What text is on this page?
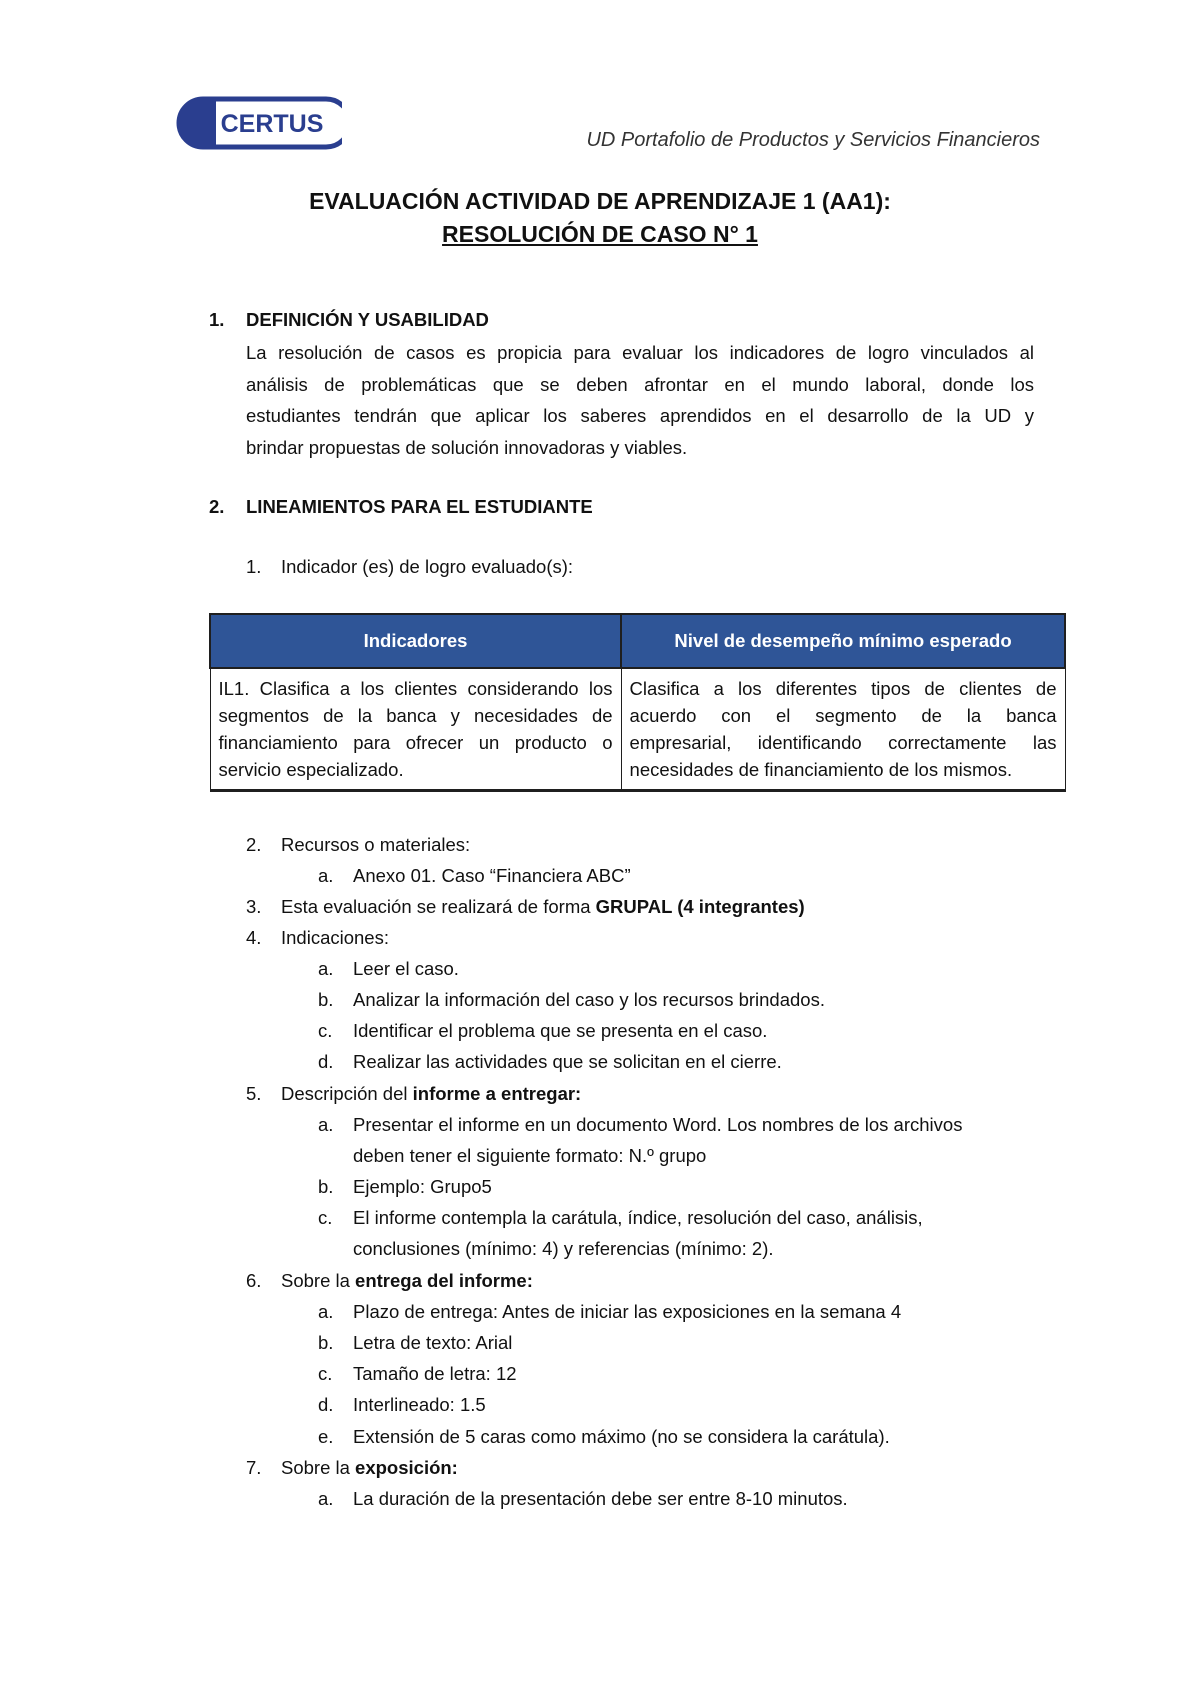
CERTUS
UD Portafolio de Productos y Servicios Financieros
EVALUACIÓN ACTIVIDAD DE APRENDIZAJE 1 (AA1):
RESOLUCIÓN DE CASO N° 1
1. DEFINICIÓN Y USABILIDAD
La resolución de casos es propicia para evaluar los indicadores de logro vinculados al
análisis de problemáticas que se deben afrontar en el mundo laboral, donde los
estudiantes tendrán que aplicar los saberes aprendidos en el desarrollo de la UD y
brindar propuestas de solución innovadoras y viables.
2. LINEAMIENTOS PARA EL ESTUDIANTE
1. Indicador (es) de logro evaluado(s):
Indicadores	Nivel de desempeño mínimo esperado

IL1. Clasifica a los clientes considerando los
segmentos de la banca y necesidades de
financiamiento para ofrecer un producto o
servicio especializado.	Clasifica a los diferentes tipos de clientes de
acuerdo con el segmento de la banca
empresarial, identificando correctamente las
necesidades de financiamiento de los mismos.
2. Recursos o materiales:
a. Anexo 01. Caso “Financiera ABC”
3. Esta evaluación se realizará de forma GRUPAL (4 integrantes)
4. Indicaciones:
a. Leer el caso.
b. Analizar la información del caso y los recursos brindados.
c. Identificar el problema que se presenta en el caso.
d. Realizar las actividades que se solicitan en el cierre.
5. Descripción del informe a entregar:
a. Presentar el informe en un documento Word. Los nombres de los archivos
deben tener el siguiente formato: N.º grupo
b. Ejemplo: Grupo5
c. El informe contempla la carátula, índice, resolución del caso, análisis,
conclusiones (mínimo: 4) y referencias (mínimo: 2).
6. Sobre la entrega del informe:
a. Plazo de entrega: Antes de iniciar las exposiciones en la semana 4
b. Letra de texto: Arial
c. Tamaño de letra: 12
d. Interlineado: 1.5
e. Extensión de 5 caras como máximo (no se considera la carátula).
7. Sobre la exposición:
a. La duración de la presentación debe ser entre 8-10 minutos.
